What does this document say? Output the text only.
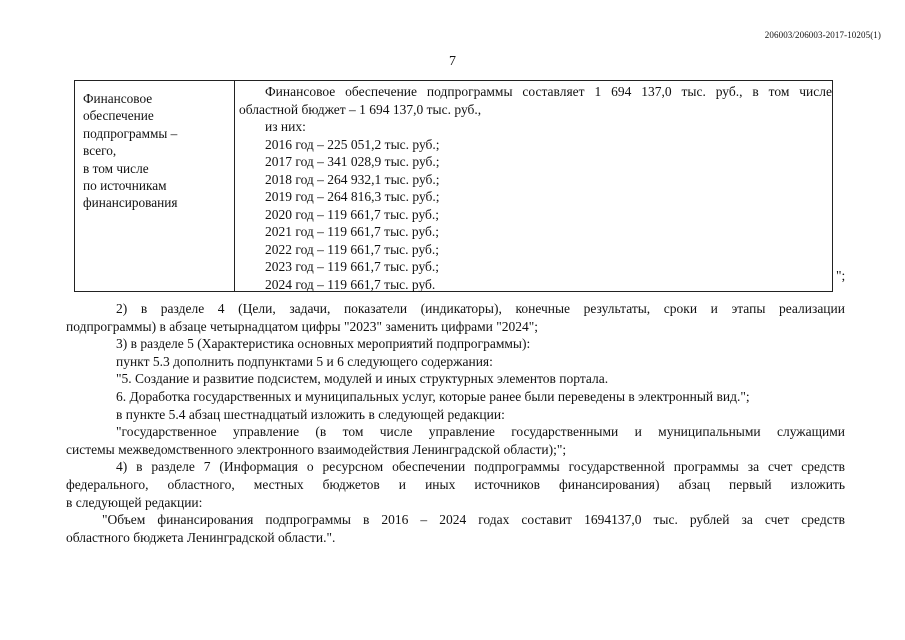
206003/206003-2017-10205(1)
7
Финансовое
обеспечение
подпрограммы –
всего,
в том числе
по источникам
финансирования
Финансовое обеспечение подпрограммы составляет 1 694 137,0 тыс. руб., в том числе
областной бюджет – 1 694 137,0 тыс. руб.,
из них:
2016 год – 225 051,2 тыс. руб.;
2017 год – 341 028,9 тыс. руб.;
2018 год – 264 932,1 тыс. руб.;
2019 год – 264 816,3 тыс. руб.;
2020 год – 119 661,7 тыс. руб.;
2021 год – 119 661,7 тыс. руб.;
2022 год – 119 661,7 тыс. руб.;
2023 год – 119 661,7 тыс. руб.;
2024 год – 119 661,7 тыс. руб.
";
2) в разделе 4 (Цели, задачи, показатели (индикаторы), конечные результаты, сроки и этапы реализации
подпрограммы) в абзаце четырнадцатом цифры "2023" заменить цифрами "2024";
3) в разделе 5 (Характеристика основных мероприятий подпрограммы):
пункт 5.3 дополнить подпунктами 5 и 6 следующего содержания:
"5. Создание и развитие подсистем, модулей и иных структурных элементов портала.
6. Доработка государственных и муниципальных услуг, которые ранее были переведены в электронный вид.";
в пункте 5.4 абзац шестнадцатый изложить в следующей редакции:
"государственное управление (в том числе управление государственными и муниципальными служащими
системы межведомственного электронного взаимодействия Ленинградской области);";
4) в разделе 7 (Информация о ресурсном обеспечении подпрограммы государственной программы за счет средств
федерального, областного, местных бюджетов и иных источников финансирования) абзац первый изложить
в следующей редакции:
"Объем финансирования подпрограммы в 2016 – 2024 годах составит 1694137,0 тыс. рублей за счет средств
областного бюджета Ленинградской области.".
